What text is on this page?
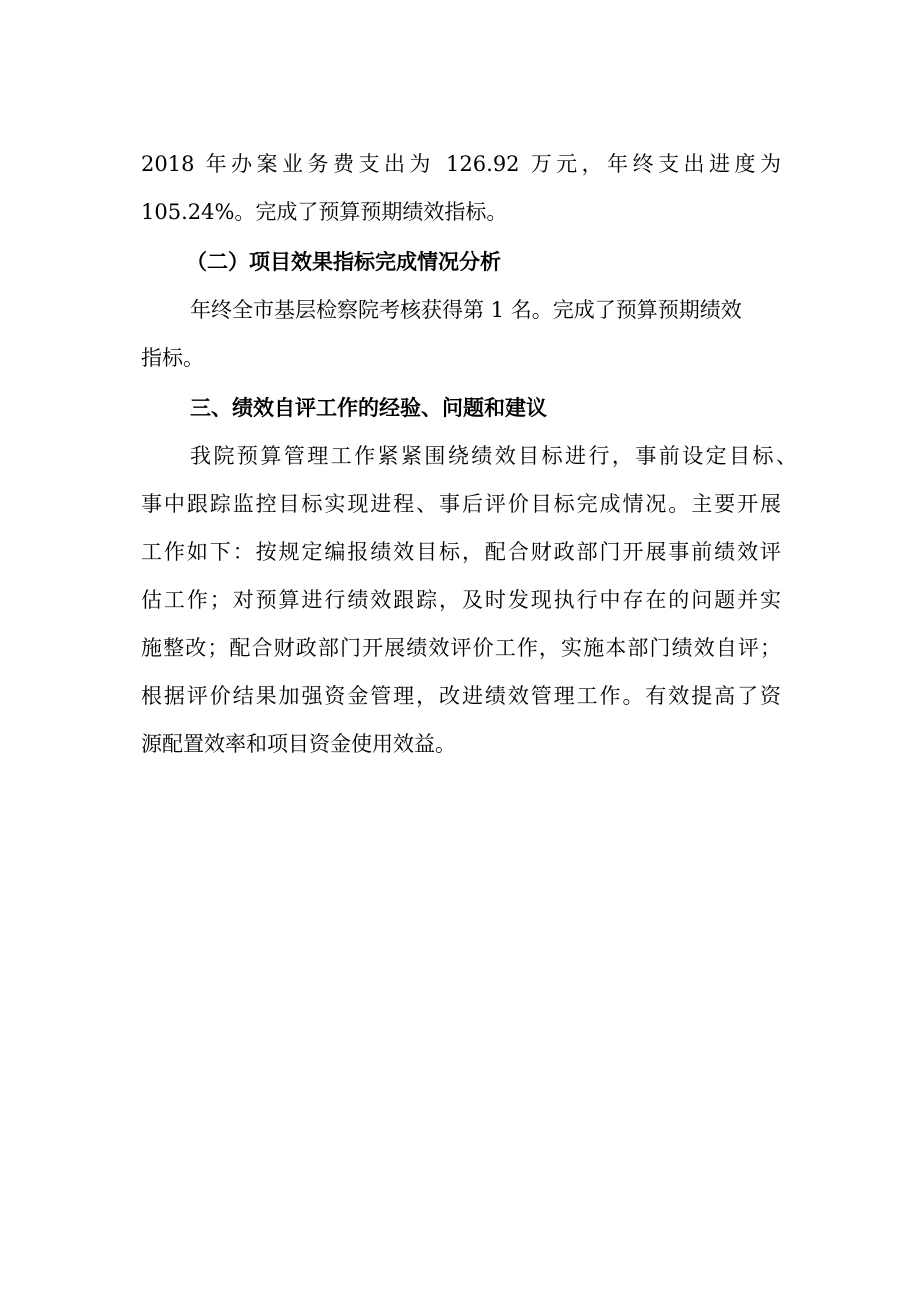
2018 年办案业务费支出为 126.92 万元，年终支出进度为

105.24%。完成了预算预期绩效指标。

（二）项目效果指标完成情况分析

年终全市基层检察院考核获得第 1 名。完成了预算预期绩效

指标。

三、绩效自评工作的经验、问题和建议

我院预算管理工作紧紧围绕绩效目标进行，事前设定目标、

事中跟踪监控目标实现进程、事后评价目标完成情况。主要开展

工作如下：按规定编报绩效目标，配合财政部门开展事前绩效评

估工作；对预算进行绩效跟踪，及时发现执行中存在的问题并实

施整改；配合财政部门开展绩效评价工作，实施本部门绩效自评；

根据评价结果加强资金管理，改进绩效管理工作。有效提高了资

源配置效率和项目资金使用效益。
